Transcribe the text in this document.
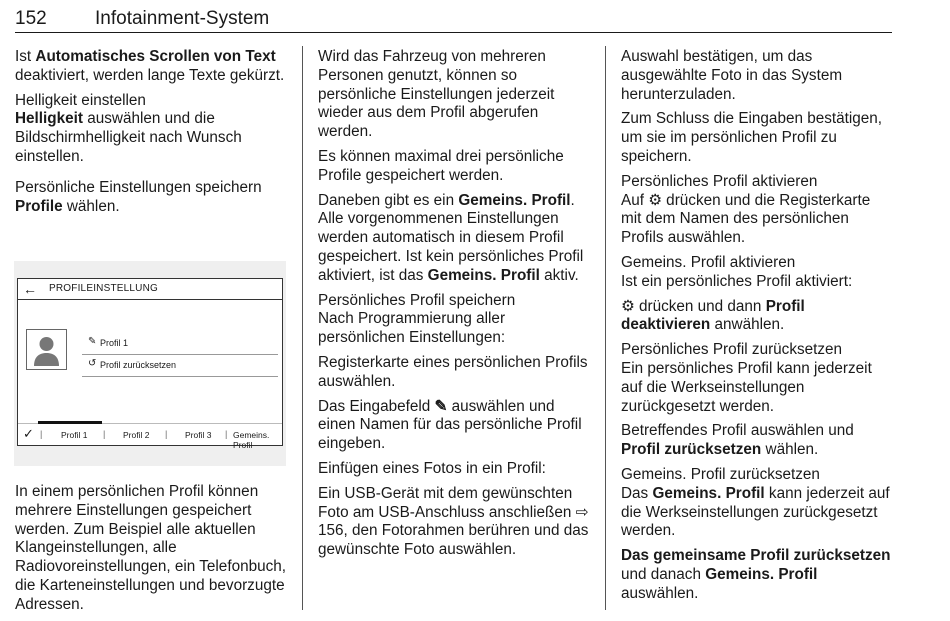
152	Infotainment-System

Ist Automatisches Scrollen von Text deaktiviert, werden lange Texte gekürzt.

Helligkeit einstellen

Helligkeit auswählen und die Bildschirmhelligkeit nach Wunsch einstellen.

Persönliche Einstellungen speichern

Profile wählen.

← PROFILEINSTELLUNG
✎ Profil 1
↺ Profil zurücksetzen
✓ | Profil 1 | Profil 2 | Profil 3 | Gemeins. Profil

In einem persönlichen Profil können mehrere Einstellungen gespeichert werden. Zum Beispiel alle aktuellen Klangeinstellungen, alle Radiovoreinstellungen, ein Telefonbuch, die Karteneinstellungen und bevorzugte Adressen.

Wird das Fahrzeug von mehreren Personen genutzt, können so persönliche Einstellungen jederzeit wieder aus dem Profil abgerufen werden.

Es können maximal drei persönliche Profile gespeichert werden.

Daneben gibt es ein Gemeins. Profil. Alle vorgenommenen Einstellungen werden automatisch in diesem Profil gespeichert. Ist kein persönliches Profil aktiviert, ist das Gemeins. Profil aktiv.

Persönliches Profil speichern

Nach Programmierung aller persönlichen Einstellungen:

Registerkarte eines persönlichen Profils auswählen.

Das Eingabefeld ✎ auswählen und einen Namen für das persönliche Profil eingeben.

Einfügen eines Fotos in ein Profil:

Ein USB-Gerät mit dem gewünschten Foto am USB-Anschluss anschließen ⇨ 156, den Fotorahmen berühren und das gewünschte Foto auswählen.

Auswahl bestätigen, um das ausgewählte Foto in das System herunterzuladen.

Zum Schluss die Eingaben bestätigen, um sie im persönlichen Profil zu speichern.

Persönliches Profil aktivieren

Auf ⚙ drücken und die Registerkarte mit dem Namen des persönlichen Profils auswählen.

Gemeins. Profil aktivieren

Ist ein persönliches Profil aktiviert:

⚙ drücken und dann Profil deaktivieren anwählen.

Persönliches Profil zurücksetzen

Ein persönliches Profil kann jederzeit auf die Werkseinstellungen zurückgesetzt werden.

Betreffendes Profil auswählen und Profil zurücksetzen wählen.

Gemeins. Profil zurücksetzen

Das Gemeins. Profil kann jederzeit auf die Werkseinstellungen zurückgesetzt werden.

Das gemeinsame Profil zurücksetzen und danach Gemeins. Profil auswählen.
